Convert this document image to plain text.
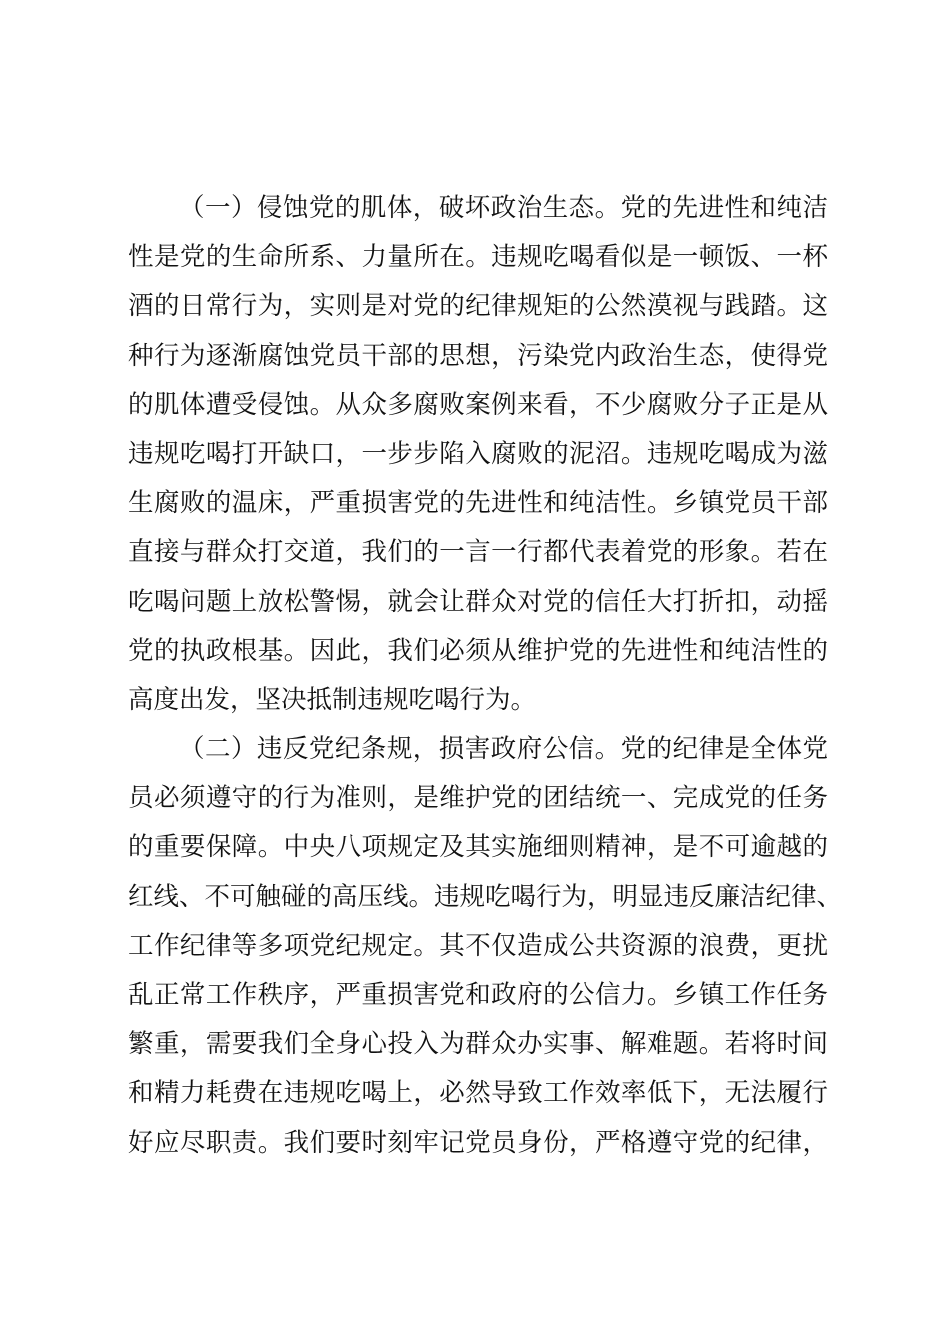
（一）侵蚀党的肌体，破坏政治生态。党的先进性和纯洁
性是党的生命所系、力量所在。违规吃喝看似是一顿饭、一杯
酒的日常行为，实则是对党的纪律规矩的公然漠视与践踏。这
种行为逐渐腐蚀党员干部的思想，污染党内政治生态，使得党
的肌体遭受侵蚀。从众多腐败案例来看，不少腐败分子正是从
违规吃喝打开缺口，一步步陷入腐败的泥沼。违规吃喝成为滋
生腐败的温床，严重损害党的先进性和纯洁性。乡镇党员干部
直接与群众打交道，我们的一言一行都代表着党的形象。若在
吃喝问题上放松警惕，就会让群众对党的信任大打折扣，动摇
党的执政根基。因此，我们必须从维护党的先进性和纯洁性的
高度出发，坚决抵制违规吃喝行为。
（二）违反党纪条规，损害政府公信。党的纪律是全体党
员必须遵守的行为准则，是维护党的团结统一、完成党的任务
的重要保障。中央八项规定及其实施细则精神，是不可逾越的
红线、不可触碰的高压线。违规吃喝行为，明显违反廉洁纪律、
工作纪律等多项党纪规定。其不仅造成公共资源的浪费，更扰
乱正常工作秩序，严重损害党和政府的公信力。乡镇工作任务
繁重，需要我们全身心投入为群众办实事、解难题。若将时间
和精力耗费在违规吃喝上，必然导致工作效率低下，无法履行
好应尽职责。我们要时刻牢记党员身份，严格遵守党的纪律，
